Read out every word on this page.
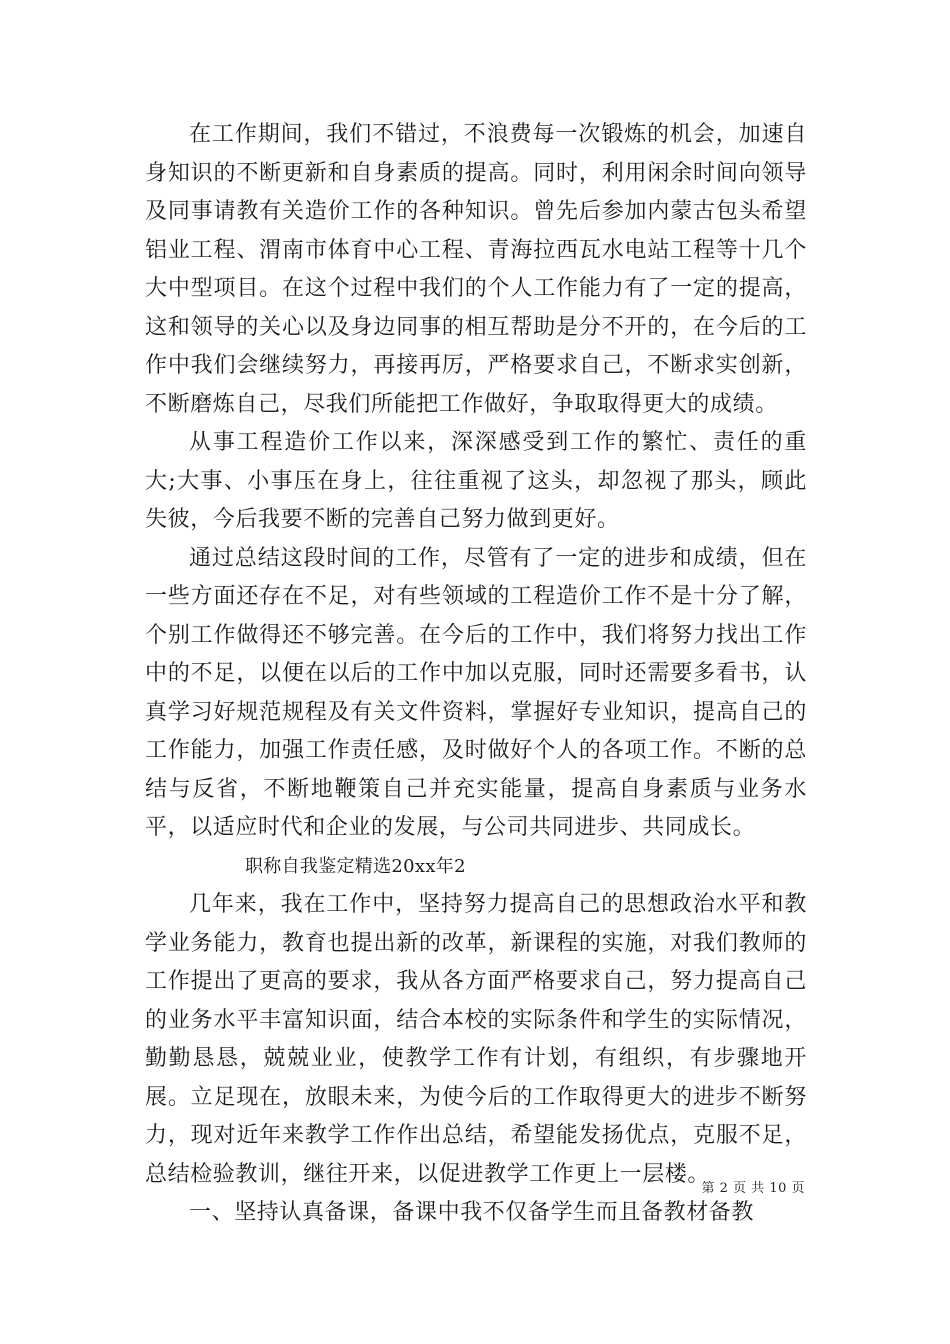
在工作期间，我们不错过，不浪费每一次锻炼的机会，加速自身知识的不断更新和自身素质的提高。同时，利用闲余时间向领导及同事请教有关造价工作的各种知识。曾先后参加内蒙古包头希望铝业工程、渭南市体育中心工程、青海拉西瓦水电站工程等十几个大中型项目。在这个过程中我们的个人工作能力有了一定的提高，这和领导的关心以及身边同事的相互帮助是分不开的，在今后的工作中我们会继续努力，再接再厉，严格要求自己，不断求实创新，不断磨炼自己，尽我们所能把工作做好，争取取得更大的成绩。

从事工程造价工作以来，深深感受到工作的繁忙、责任的重大;大事、小事压在身上，往往重视了这头，却忽视了那头，顾此失彼，今后我要不断的完善自己努力做到更好。

通过总结这段时间的工作，尽管有了一定的进步和成绩，但在一些方面还存在不足，对有些领域的工程造价工作不是十分了解，个别工作做得还不够完善。在今后的工作中，我们将努力找出工作中的不足，以便在以后的工作中加以克服，同时还需要多看书，认真学习好规范规程及有关文件资料，掌握好专业知识，提高自己的工作能力，加强工作责任感，及时做好个人的各项工作。不断的总结与反省，不断地鞭策自己并充实能量，提高自身素质与业务水平，以适应时代和企业的发展，与公司共同进步、共同成长。

职称自我鉴定精选20xx年2

几年来，我在工作中，坚持努力提高自己的思想政治水平和教学业务能力，教育也提出新的改革，新课程的实施，对我们教师的工作提出了更高的要求，我从各方面严格要求自己，努力提高自己的业务水平丰富知识面，结合本校的实际条件和学生的实际情况，勤勤恳恳，兢兢业业，使教学工作有计划，有组织，有步骤地开展。立足现在，放眼未来，为使今后的工作取得更大的进步不断努力，现对近年来教学工作作出总结，希望能发扬优点，克服不足，总结检验教训，继往开来，以促进教学工作更上一层楼。

一、坚持认真备课，备课中我不仅备学生而且备教材备教

第 2 页 共 10 页
